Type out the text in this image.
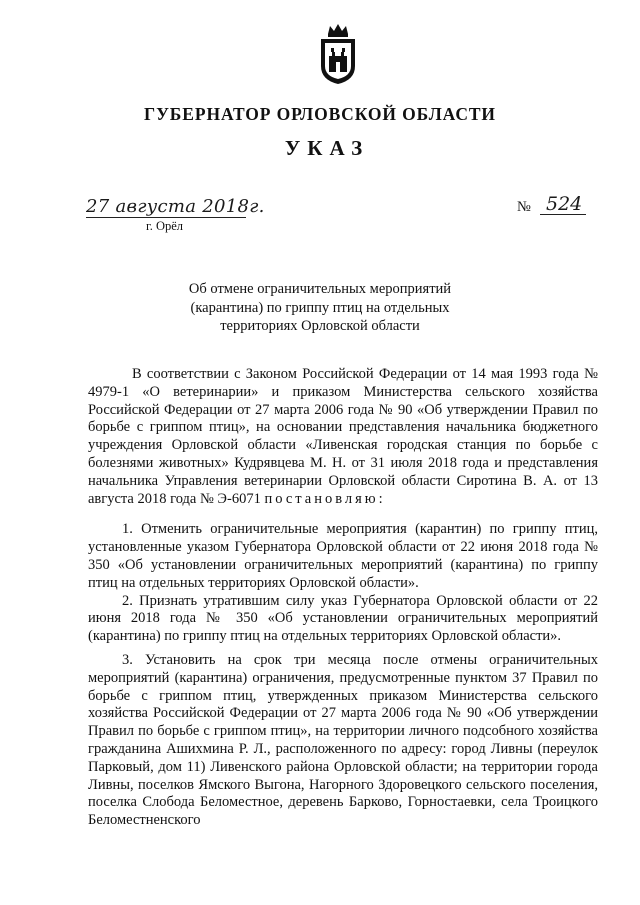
ГУБЕРНАТОР ОРЛОВСКОЙ ОБЛАСТИ
УКАЗ
27 августа 2018г.
г. Орёл
№ 524
Об отмене ограничительных мероприятий
(карантина) по гриппу птиц на отдельных
территориях Орловской области

В соответствии с Законом Российской Федерации от 14 мая 1993 года № 4979-1 «О ветеринарии» и приказом Министерства сельского хозяйства Российской Федерации от 27 марта 2006 года № 90 «Об утверждении Правил по борьбе с гриппом птиц», на основании представления начальника бюджетного учреждения Орловской области «Ливенская городская станция по борьбе с болезнями животных» Кудрявцева М. Н. от 31 июля 2018 года и представления начальника Управления ветеринарии Орловской области Сиротина В. А. от 13 августа 2018 года № Э-6071 постановляю:

1. Отменить ограничительные мероприятия (карантин) по гриппу птиц, установленные указом Губернатора Орловской области от 22 июня 2018 года № 350 «Об установлении ограничительных мероприятий (карантина) по гриппу птиц на отдельных территориях Орловской области».

2. Признать утратившим силу указ Губернатора Орловской области от 22 июня 2018 года № 350 «Об установлении ограничительных мероприятий (карантина) по гриппу птиц на отдельных территориях Орловской области».

3. Установить на срок три месяца после отмены ограничительных мероприятий (карантина) ограничения, предусмотренные пунктом 37 Правил по борьбе с гриппом птиц, утвержденных приказом Министерства сельского хозяйства Российской Федерации от 27 марта 2006 года № 90 «Об утверждении Правил по борьбе с гриппом птиц», на территории личного подсобного хозяйства гражданина Ашихмина Р. Л., расположенного по адресу: город Ливны (переулок Парковый, дом 11) Ливенского района Орловской области; на территории города Ливны, поселков Ямского Выгона, Нагорного Здоровецкого сельского поселения, поселка Слобода Беломестное, деревень Барково, Горностаевки, села Троицкого Беломестненского
